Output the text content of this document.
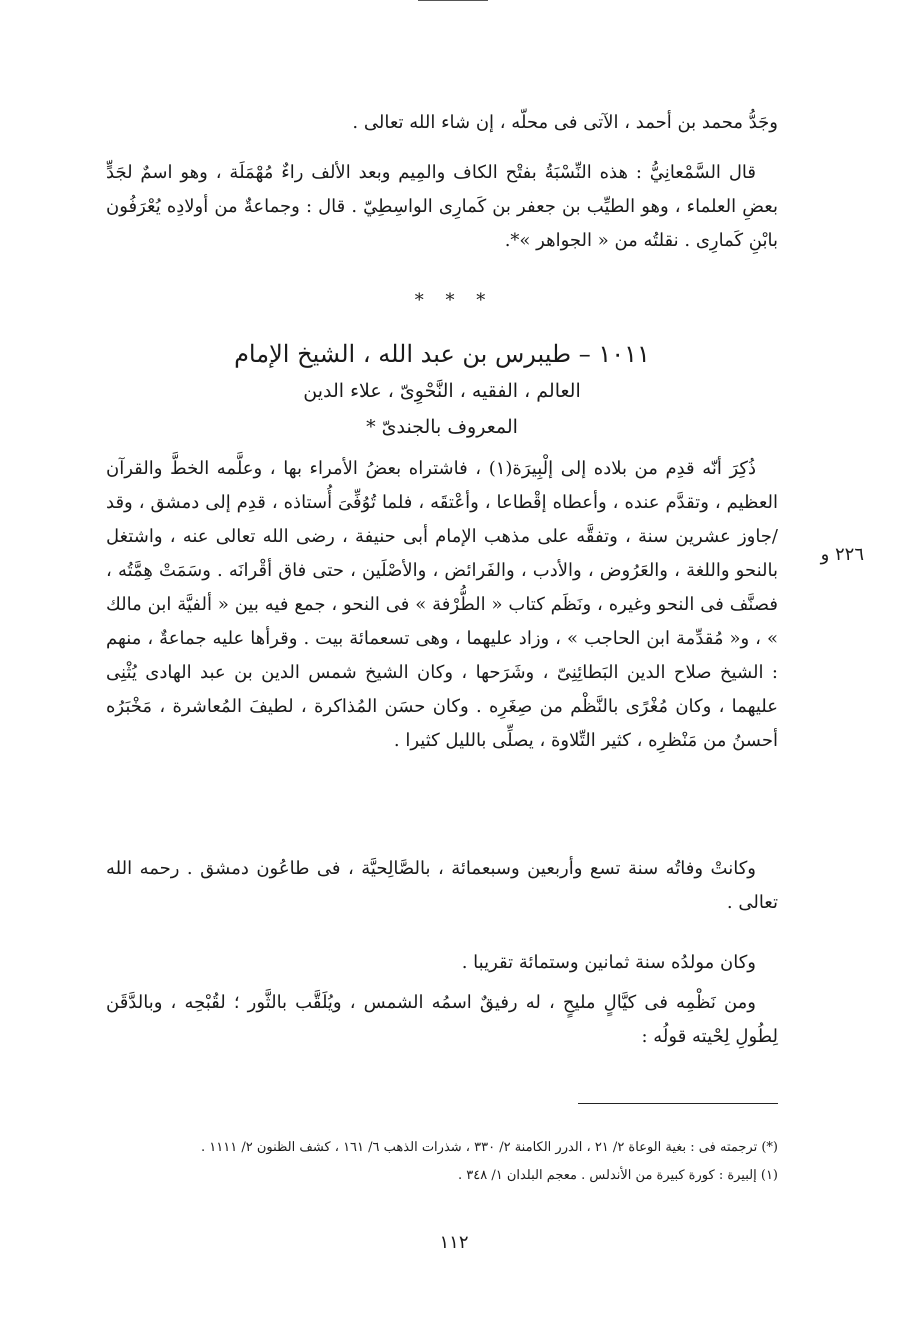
وجَدُّ محمد بن أحمد ، الآتى فى محلّه ، إن شاء الله تعالى .

قال السَّمْعانِيُّ : هذه النِّسْبَةُ بفتْح الكاف والمِيم وبعد الألف راءٌ مُهْمَلَة ، وهو اسمٌ لجَدٍّ بعضِ العلماء ، وهو الطيِّب بن جعفر بن كَمارِى الواسِطِيّ . قال : وجماعةٌ من أولادِه يُعْرَفُون بابْنِ كَمارِى . نقلتُه من « الجواهر »*.

* * *
١٠١١ – طيبرس بن عبد الله ، الشيخ الإمام
العالم ، الفقيه ، النَّحْوِىّ ، علاء الدين
المعروف بالجندىّ *

ذُكِرَ أنّه قدِم من بلاده إلى إلْبِيرَة(١) ، فاشتراه بعضُ الأمراء بها ، وعلَّمه الخطَّ والقرآن العظيم ، وتقدَّم عنده ، وأعطاه إقْطاعا ، وأعْتقَه ، فلما تُوُفِّىَ أُستاذه ، قدِم إلى دمشق ، وقد /جاوز عشرين سنة ، وتفقَّه على مذهب الإمام أبى حنيفة ، رضى الله تعالى عنه ، واشتغل بالنحو واللغة ، والعَرُوض ، والأدب ، والفَرائض ، والأصْلَين ، حتى فاق أقْرانَه . وسَمَتْ هِمَّتُه ، فصنَّف فى النحو وغيره ، ونَظَم كتاب « الطُّرْفة » فى النحو ، جمع فيه بين « ألفيَّة ابن مالك » ، و« مُقدِّمة ابن الحاجب » ، وزاد عليهما ، وهى تسعمائة بيت . وقرأها عليه جماعةٌ ، منهم : الشيخ صلاح الدين البَطائِنِىّ ، وشَرَحها ، وكان الشيخ شمس الدين بن عبد الهادى يُثْنِى عليهما ، وكان مُغْرًى بالنَّظْم من صِغَرِه . وكان حسَن المُذاكرة ، لطيفَ المُعاشرة ، مَخْبَرُه أحسنُ من مَنْظرِه ، كثير التِّلاوة ، يصلِّى بالليل كثيرا .

٢٢٦ و

وكانتْ وفاتُه سنة تسع وأربعين وسبعمائة ، بالصَّالِحيَّة ، فى طاعُون دمشق . رحمه الله تعالى .

وكان مولدُه سنة ثمانين وستمائة تقريبا .

ومن نَظْمِه فى كيَّالٍ مليحٍ ، له رفيقٌ اسمُه الشمس ، ويُلَقَّب بالثَّور ؛ لقُبْحِه ، وبالدَّقَن لِطُولِ لِحْيته قولُه :

(*) ترجمته فى : بغية الوعاة ٢/ ٢١ ، الدرر الكامنة ٢/ ٣٣٠ ، شذرات الذهب ٦/ ١٦١ ، كشف الظنون ٢/ ١١١١ .

(١) إلبيرة : كورة كبيرة من الأندلس . معجم البلدان ١/ ٣٤٨ .

١١٢
